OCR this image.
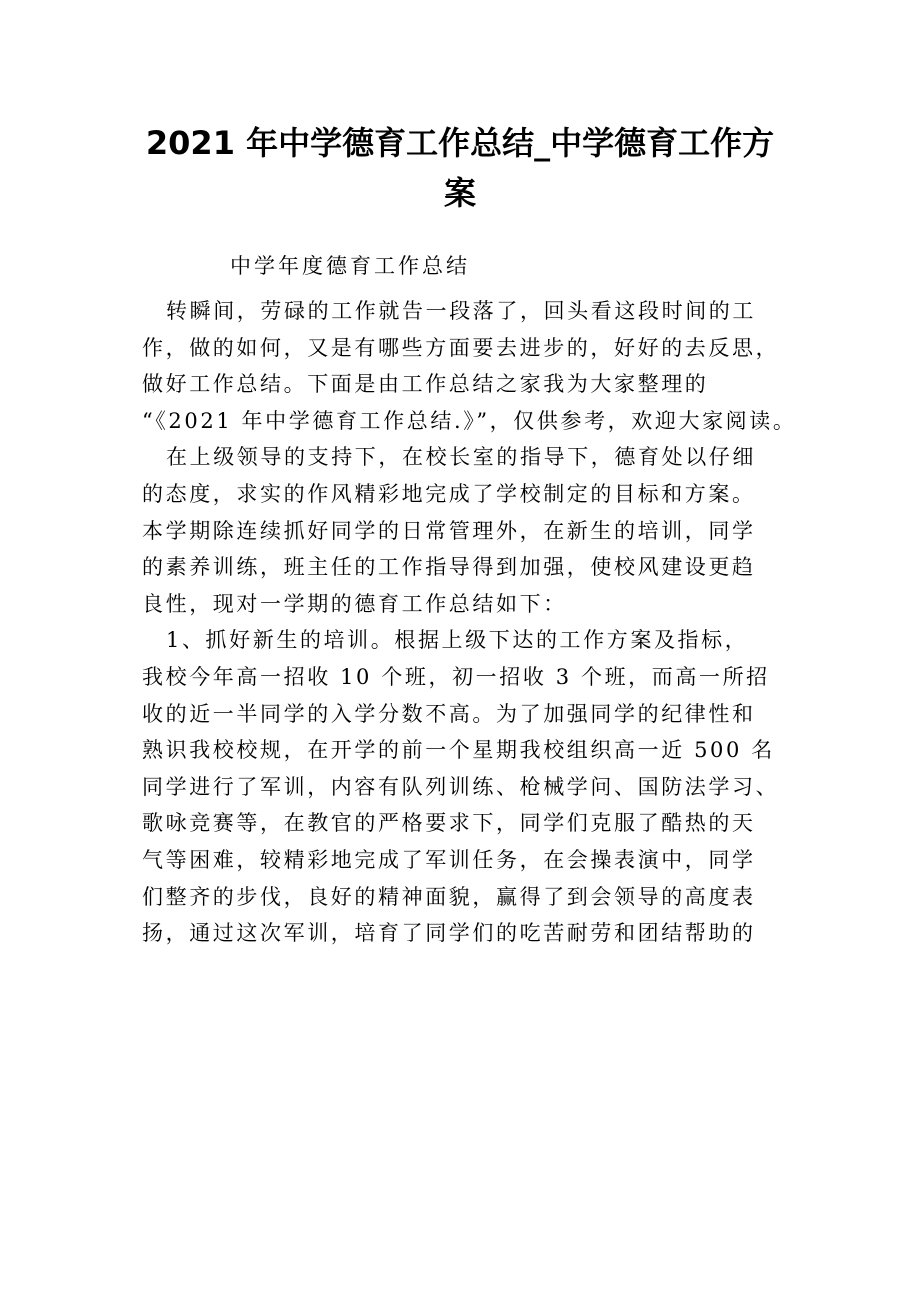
2021 年中学德育工作总结_中学德育工作方
案

中学年度德育工作总结

转瞬间，劳碌的工作就告一段落了，回头看这段时间的工
作，做的如何，又是有哪些方面要去进步的，好好的去反思，
做好工作总结。下面是由工作总结之家我为大家整理的
“《2021 年中学德育工作总结.》”，仅供参考，欢迎大家阅读。
在上级领导的支持下，在校长室的指导下，德育处以仔细
的态度，求实的作风精彩地完成了学校制定的目标和方案。
本学期除连续抓好同学的日常管理外，在新生的培训，同学
的素养训练，班主任的工作指导得到加强，使校风建设更趋
良性，现对一学期的德育工作总结如下：
1、抓好新生的培训。根据上级下达的工作方案及指标，
我校今年高一招收 10 个班，初一招收 3 个班，而高一所招
收的近一半同学的入学分数不高。为了加强同学的纪律性和
熟识我校校规，在开学的前一个星期我校组织高一近 500 名
同学进行了军训，内容有队列训练、枪械学问、国防法学习、
歌咏竞赛等，在教官的严格要求下，同学们克服了酷热的天
气等困难，较精彩地完成了军训任务，在会操表演中，同学
们整齐的步伐，良好的精神面貌，赢得了到会领导的高度表
扬，通过这次军训，培育了同学们的吃苦耐劳和团结帮助的
